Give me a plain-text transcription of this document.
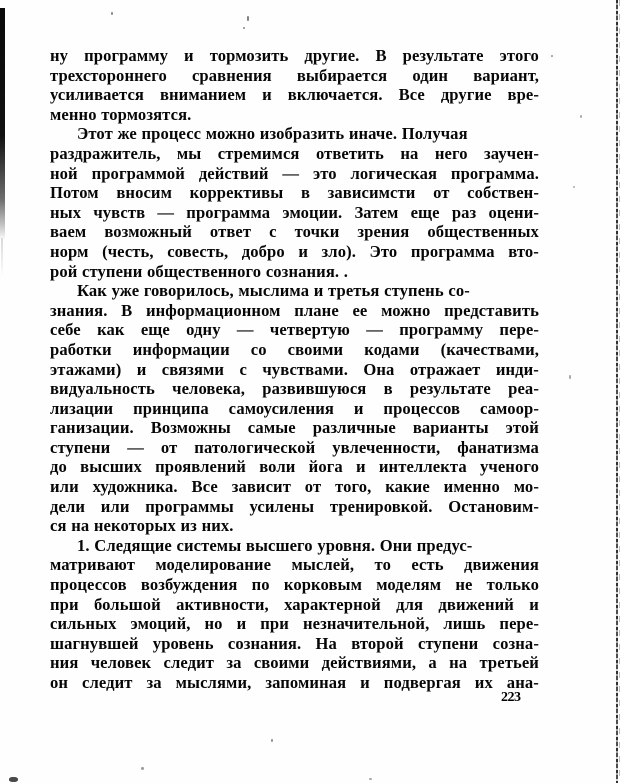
ну программу и тормозить другие. В результате этого
трехстороннего сравнения выбирается один вариант,
усиливается вниманием и включается. Все другие вре-
менно тормозятся.

Этот же процесс можно изобразить иначе. Получая
раздражитель, мы стремимся ответить на него заучен-
ной программой действий — это логическая программа.
Потом вносим коррективы в зависимсти от собствен-
ных чувств — программа эмоции. Затем еще раз оцени-
ваем возможный ответ с точки зрения общественных
норм (честь, совесть, добро и зло). Это программа вто-
рой ступени общественного сознания. .

Как уже говорилось, мыслима и третья ступень со-
знания. В информационном плане ее можно представить
себе как еще одну — четвертую — программу пере-
работки информации со своими кодами (качествами,
этажами) и связями с чувствами. Она отражает инди-
видуальность человека, развившуюся в результате реа-
лизации принципа самоусиления и процессов самоор-
ганизации. Возможны самые различные варианты этой
ступени — от патологической увлеченности, фанатизма
до высших проявлений воли йога и интеллекта ученого
или художника. Все зависит от того, какие именно мо-
дели или программы усилены тренировкой. Остановим-
ся на некоторых из них.

1. Следящие системы высшего уровня. Они предус-
матривают моделирование мыслей, то есть движения
процессов возбуждения по корковым моделям не только
при большой активности, характерной для движений и
сильных эмоций, но и при незначительной, лишь пере-
шагнувшей уровень сознания. На второй ступени созна-
ния человек следит за своими действиями, а на третьей
он следит за мыслями, запоминая и подвергая их ана-

223
